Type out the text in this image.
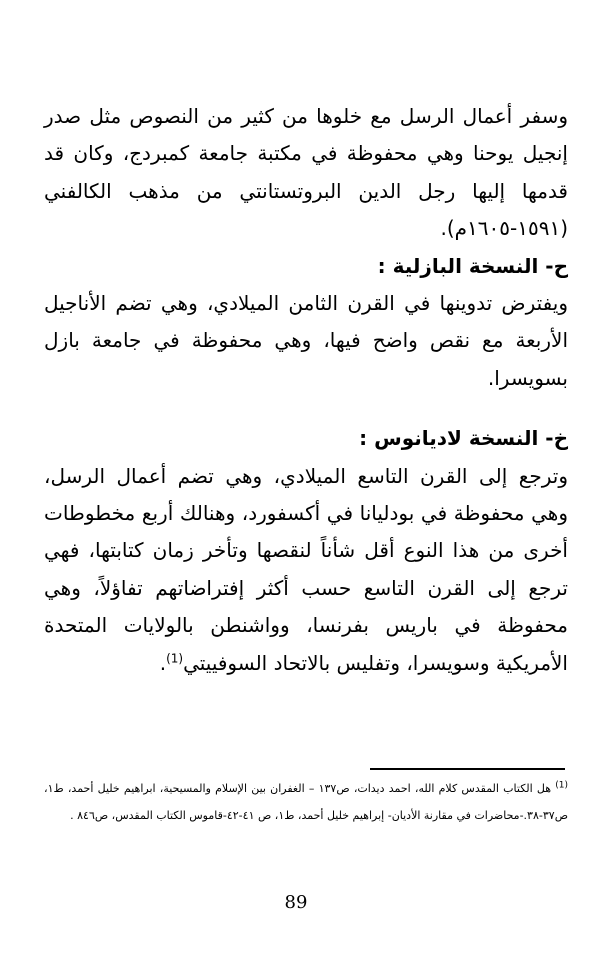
وسفر أعمال الرسل مع خلوها من كثير من النصوص مثل صدر إنجيل يوحنا وهي محفوظة في مكتبة جامعة كمبردج، وكان قد قدمها إليها رجل الدين البروتستانتي من مذهب الكالفني (١٥٩١-١٦٠٥م).

ح- النسخة البازلية :

ويفترض تدوينها في القرن الثامن الميلادي، وهي تضم الأناجيل الأربعة مع نقص واضح فيها، وهي محفوظة في جامعة بازل بسويسرا.

خ- النسخة لاديانوس :

وترجع إلى القرن التاسع الميلادي، وهي تضم أعمال الرسل، وهي محفوظة في بودليانا في أكسفورد، وهنالك أربع مخطوطات أخرى من هذا النوع أقل شأناً لنقصها وتأخر زمان كتابتها، فهي ترجع إلى القرن التاسع حسب أكثر إفتراضاتهم تفاؤلاً، وهي محفوظة في باريس بفرنسا، وواشنطن بالولايات المتحدة الأمريكية وسويسرا، وتفليس بالاتحاد السوفييتي$^{(1)}$.

$^{(1)}$ هل الكتاب المقدس كلام الله، احمد ديدات، ص١٣٧ – الغفران بين الإسلام والمسيحية، ابراهيم خليل أحمد، ط١، ص٣٧-٣٨.-محاضرات في مقارنة الأديان- إبراهيم خليل أحمد، ط١، ص ٤١-٤٢-قاموس الكتاب المقدس، ص٨٤٦ .

89
